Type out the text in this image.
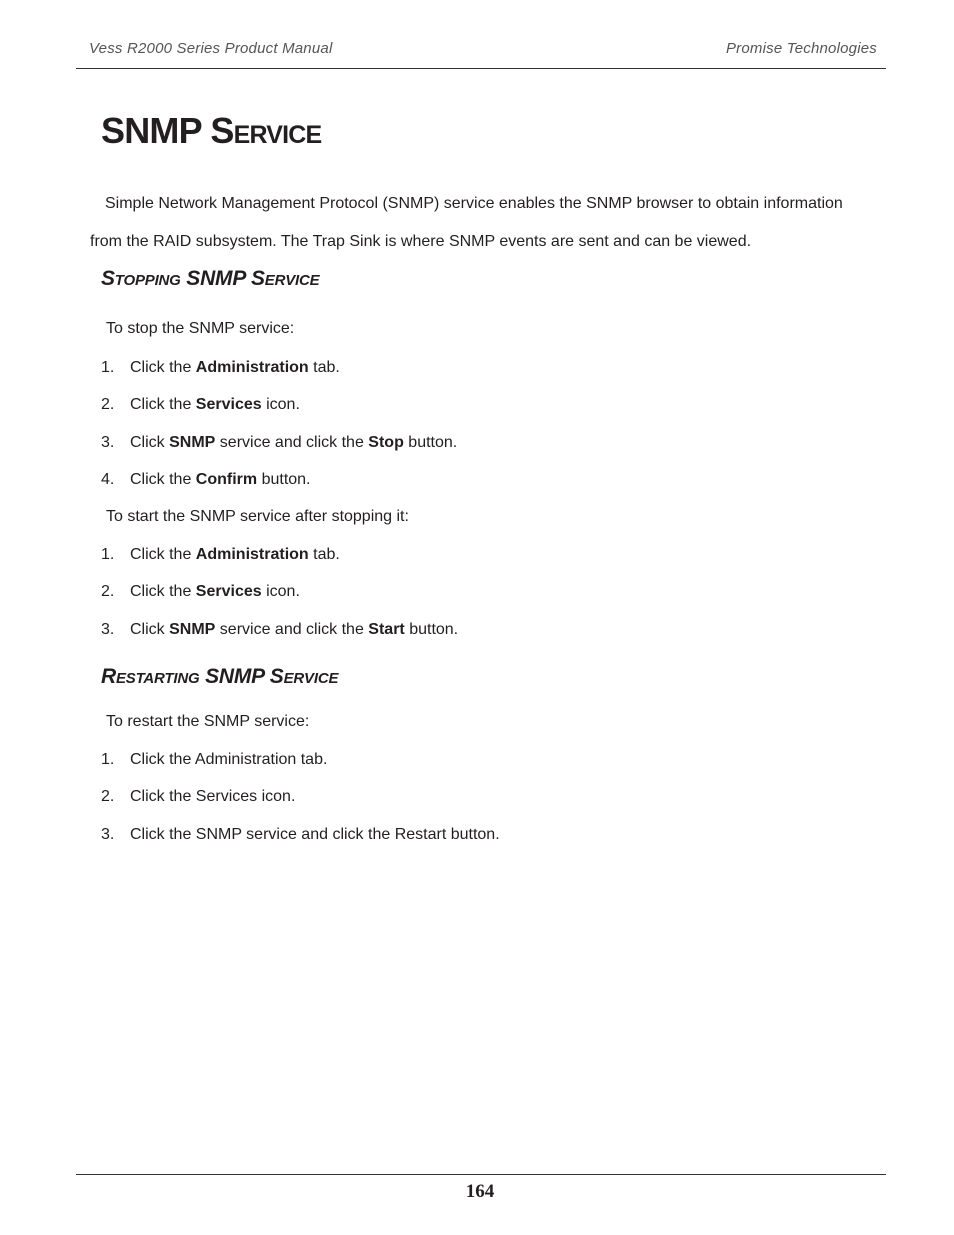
Vess R2000 Series Product Manual	Promise Technologies
SNMP Service

Simple Network Management Protocol (SNMP) service enables the SNMP browser to obtain information from the RAID subsystem. The Trap Sink is where SNMP events are sent and can be viewed.

Stopping SNMP Service
To stop the SNMP service:
1. Click the Administration tab.
2. Click the Services icon.
3. Click SNMP service and click the Stop button.
4. Click the Confirm button.
To start the SNMP service after stopping it:
1. Click the Administration tab.
2. Click the Services icon.
3. Click SNMP service and click the Start button.
Restarting SNMP Service
To restart the SNMP service:
1. Click the Administration tab.
2. Click the Services icon.
3. Click the SNMP service and click the Restart button.
164
